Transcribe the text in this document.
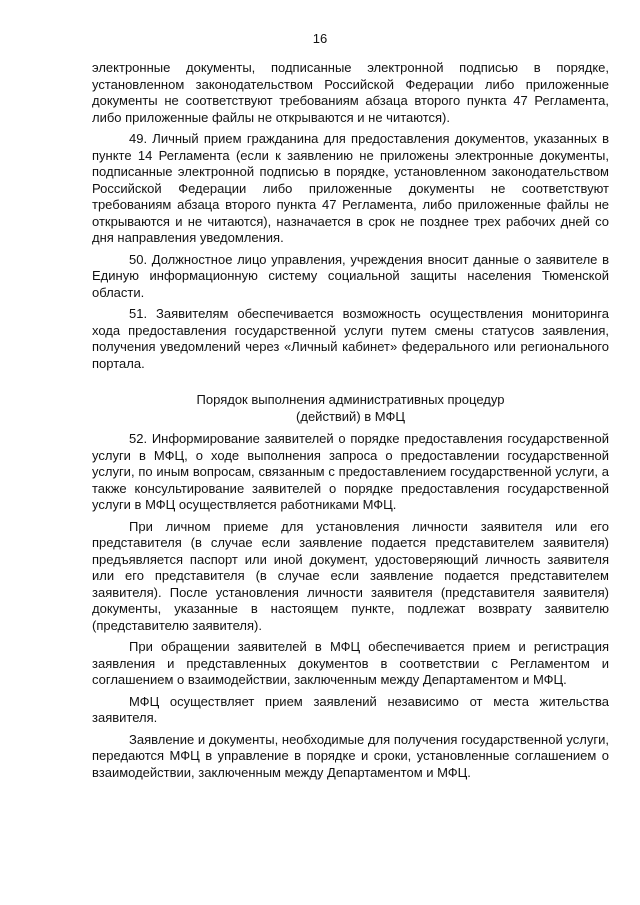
16

электронные документы, подписанные электронной подписью в порядке, установленном законодательством Российской Федерации либо приложенные документы не соответствуют требованиям абзаца второго пункта 47 Регламента, либо приложенные файлы не открываются и не читаются).

49. Личный прием гражданина для предоставления документов, указанных в пункте 14 Регламента (если к заявлению не приложены электронные документы, подписанные электронной подписью в порядке, установленном законодательством Российской Федерации либо приложенные документы не соответствуют требованиям абзаца второго пункта 47 Регламента, либо приложенные файлы не открываются и не читаются), назначается в срок не позднее трех рабочих дней со дня направления уведомления.

50. Должностное лицо управления, учреждения вносит данные о заявителе в Единую информационную систему социальной защиты населения Тюменской области.

51. Заявителям обеспечивается возможность осуществления мониторинга хода предоставления государственной услуги путем смены статусов заявления, получения уведомлений через «Личный кабинет» федерального или регионального портала.

Порядок выполнения административных процедур
(действий) в МФЦ

52. Информирование заявителей о порядке предоставления государственной услуги в МФЦ, о ходе выполнения запроса о предоставлении государственной услуги, по иным вопросам, связанным с предоставлением государственной услуги, а также консультирование заявителей о порядке предоставления государственной услуги в МФЦ осуществляется работниками МФЦ.

При личном приеме для установления личности заявителя или его представителя (в случае если заявление подается представителем заявителя) предъявляется паспорт или иной документ, удостоверяющий личность заявителя или его представителя (в случае если заявление подается представителем заявителя). После установления личности заявителя (представителя заявителя) документы, указанные в настоящем пункте, подлежат возврату заявителю (представителю заявителя).

При обращении заявителей в МФЦ обеспечивается прием и регистрация заявления и представленных документов в соответствии с Регламентом и соглашением о взаимодействии, заключенным между Департаментом и МФЦ.

МФЦ осуществляет прием заявлений независимо от места жительства заявителя.

Заявление и документы, необходимые для получения государственной услуги, передаются МФЦ в управление в порядке и сроки, установленные соглашением о взаимодействии, заключенным между Департаментом и МФЦ.
